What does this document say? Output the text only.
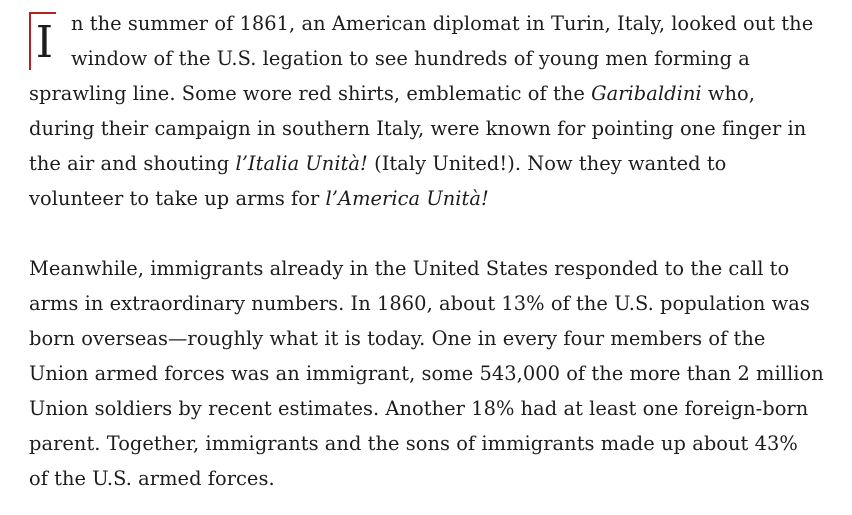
I n the summer of 1861, an American diplomat in Turin, Italy, looked out the
window of the U.S. legation to see hundreds of young men forming a
sprawling line. Some wore red shirts, emblematic of the Garibaldini who,
during their campaign in southern Italy, were known for pointing one finger in
the air and shouting l’Italia Unità! (Italy United!). Now they wanted to
volunteer to take up arms for l’America Unità!

Meanwhile, immigrants already in the United States responded to the call to
arms in extraordinary numbers. In 1860, about 13% of the U.S. population was
born overseas—roughly what it is today. One in every four members of the
Union armed forces was an immigrant, some 543,000 of the more than 2 million
Union soldiers by recent estimates. Another 18% had at least one foreign-born
parent. Together, immigrants and the sons of immigrants made up about 43%
of the U.S. armed forces.
